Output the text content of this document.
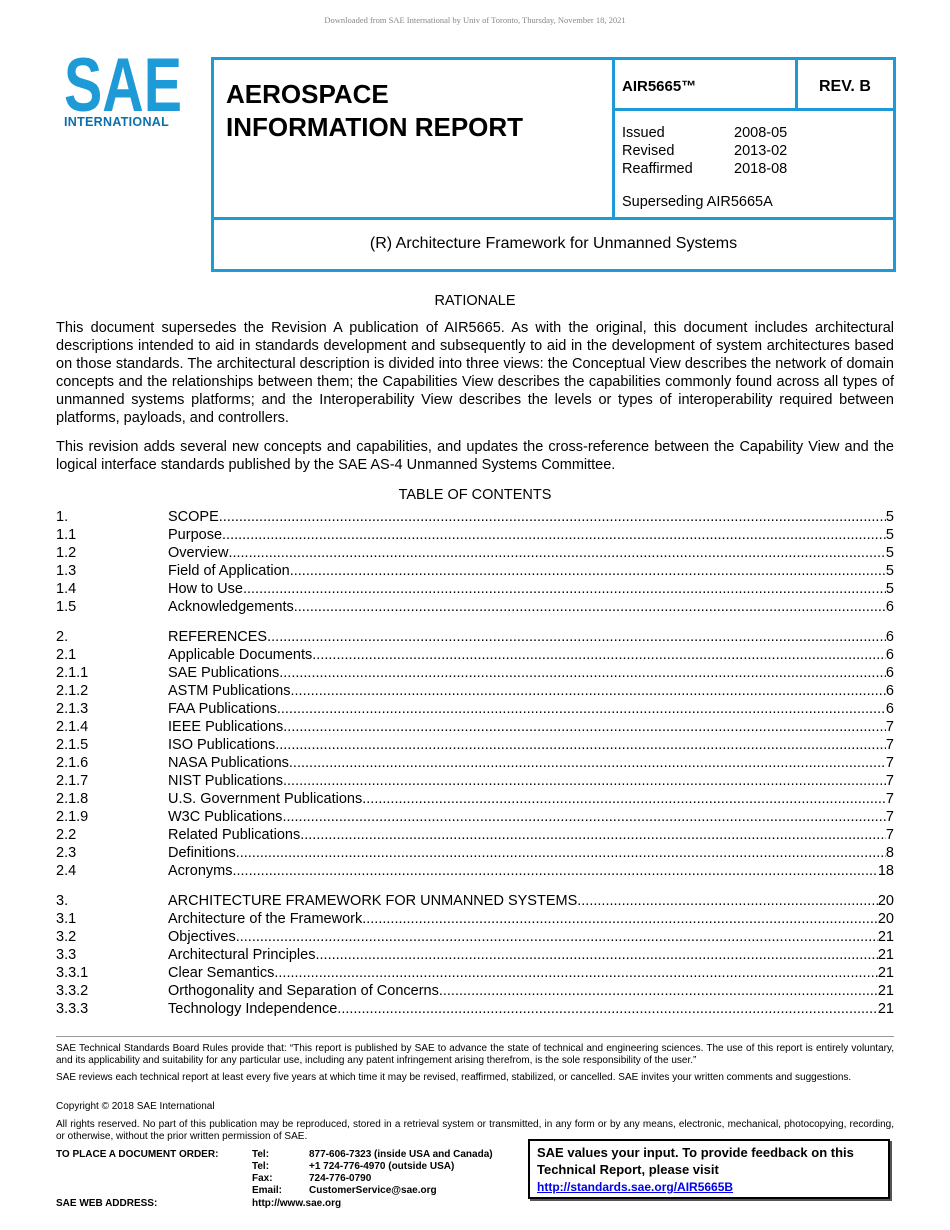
Downloaded from SAE International by Univ of Toronto, Thursday, November 18, 2021
SAE
INTERNATIONAL
AEROSPACE
INFORMATION REPORT
AIR5665™	REV. B
Issued	2008-05
Revised	2013-02
Reaffirmed	2018-08
Superseding AIR5665A
(R) Architecture Framework for Unmanned Systems
RATIONALE
This document supersedes the Revision A publication of AIR5665. As with the original, this document includes architectural descriptions intended to aid in standards development and subsequently to aid in the development of system architectures based on those standards. The architectural description is divided into three views: the Conceptual View describes the network of domain concepts and the relationships between them; the Capabilities View describes the capabilities commonly found across all types of unmanned systems platforms; and the Interoperability View describes the levels or types of interoperability required between platforms, payloads, and controllers.
This revision adds several new concepts and capabilities, and updates the cross-reference between the Capability View and the logical interface standards published by the SAE AS-4 Unmanned Systems Committee.
TABLE OF CONTENTS
1.	SCOPE .....	5
1.1	Purpose .....	5
1.2	Overview .....	5
1.3	Field of Application .....	5
1.4	How to Use .....	5
1.5	Acknowledgements .....	6
2.	REFERENCES .....	6
2.1	Applicable Documents .....	6
2.1.1	SAE Publications .....	6
2.1.2	ASTM Publications .....	6
2.1.3	FAA Publications .....	6
2.1.4	IEEE Publications .....	7
2.1.5	ISO Publications .....	7
2.1.6	NASA Publications .....	7
2.1.7	NIST Publications .....	7
2.1.8	U.S. Government Publications .....	7
2.1.9	W3C Publications .....	7
2.2	Related Publications .....	7
2.3	Definitions .....	8
2.4	Acronyms .....	18
3.	ARCHITECTURE FRAMEWORK FOR UNMANNED SYSTEMS .....	20
3.1	Architecture of the Framework .....	20
3.2	Objectives .....	21
3.3	Architectural Principles .....	21
3.3.1	Clear Semantics .....	21
3.3.2	Orthogonality and Separation of Concerns .....	21
3.3.3	Technology Independence .....	21
SAE Technical Standards Board Rules provide that: “This report is published by SAE to advance the state of technical and engineering sciences. The use of this report is entirely voluntary, and its applicability and suitability for any particular use, including any patent infringement arising therefrom, is the sole responsibility of the user.”
SAE reviews each technical report at least every five years at which time it may be revised, reaffirmed, stabilized, or cancelled. SAE invites your written comments and suggestions.
Copyright © 2018 SAE International
All rights reserved. No part of this publication may be reproduced, stored in a retrieval system or transmitted, in any form or by any means, electronic, mechanical, photocopying, recording, or otherwise, without the prior written permission of SAE.
TO PLACE A DOCUMENT ORDER:	Tel:	877-606-7323 (inside USA and Canada)
Tel:	+1 724-776-4970 (outside USA)
Fax:	724-776-0790
Email:	CustomerService@sae.org
SAE WEB ADDRESS:	http://www.sae.org
SAE values your input. To provide feedback on this Technical Report, please visit
http://standards.sae.org/AIR5665B
